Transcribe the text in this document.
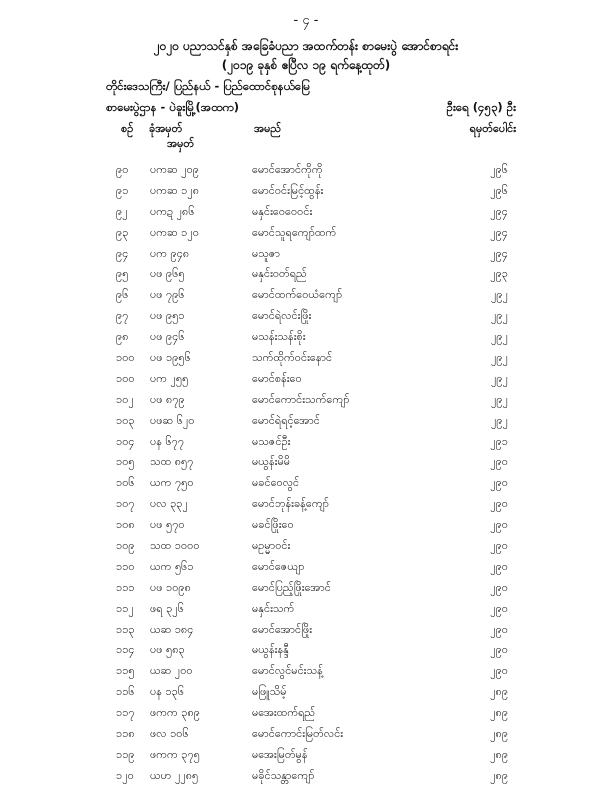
- ၄ -
၂၀၂၀ ပညာသင်နှစ် အခြေခံပညာ အထက်တန်း စာမေးပွဲ အောင်စာရင်း
(၂၀၁၉ ခုနှစ် ဧပြီလ ၁၉ ရက်နေ့ထုတ်)
တိုင်းဒေသကြီး/ ပြည်နယ် - ပြည်ထောင်စုနယ်မြေ
စာမေးပွဲဌာန - ပဲခူးမြို့(အထက)	ဦးရေ (၄၅၃) ဦး
စဉ် ခုံအမှတ်
အမှတ်
အမည်	ရမှတ်ပေါင်း
၉၀ ပကဆ ၂၀၉	မောင်အောင်ကိုကို	၂၉၆
၉၁ ပကဆ ၁၂၈	မောင်ဝင်းမြင့်ထွန်း	၂၉၆
၉၂ ပကဍ ၂၈၆	မနှင်းဝေဝေဝင်း	၂၉၄
၉၃ ပကဆ ၁၂၀	မောင်သူရကျော်ထက်	၂၉၄
၉၄ ပက ၉၄၈	မသူဇာ	၂၉၄
၉၅ ပဖ ၉၆၅	မနှင်းဝတ်ရည်	၂၉၃
၉၆ ပဖ ၇၉၆	မောင်ထက်ဝေယံကျော်	၂၉၂
၉၇ ပဖ ၉၅၁	မောင်ရဲလင်းဖြိုး	၂၉၂
၉၈ ပဖ ၉၄၆	မသန်းသန်းစိုး	၂၉၂
၁၀၀ ပဖ ၁၉၅၆	သက်ထိုက်ဝင်းနောင်	၂၉၂
၁၀၀ ပက ၂၅၅	မောင်စန်းဝေ	၂၉၂
၁၀၂ ပဖ ၈၇၉	မောင်ကောင်းသက်ကျော်	၂၉၂
၁၀၃ ပဖဆ ၆၂၀	မောင်ရဲရင့်အောင်	၂၉၂
၁၀၄ ပန ၆၇၇	မသဇင်ဦး	၂၉၁
၁၀၅ သထ ၈၅၇	မယွန်းမိမိ	၂၉၀
၁၀၆ ယက ၇၅၀	မခင်ဝေလွင်	၂၉၀
၁၀၇ ပလ ၃၃၂	မောင်ဘုန်းခန့်ကျော်	၂၉၀
၁၀၈ ပဖ ၅၇၀	မခင်ဖြိုးဝေ	၂၉၀
၁၀၉ သထ ၁၀၀၀	မဥမ္မာဝင်း	၂၉၀
၁၁၀ ယက ၅၆၁	မောင်ဇေယျာ	၂၉၀
၁၁၁ ပဖ ၁၀၉၈	မောင်ပြည့်ဖြိုးအောင်	၂၉၀
၁၁၂ ဖရ ၃၂၆	မနှင်းသက်	၂၉၀
၁၁၃ ယဆ ၁၈၄	မောင်အောင်ဖြိုး	၂၉၀
၁၁၄ ပဖ ၅၈၃	မယွန်းနန္ဒီ	၂၉၀
၁၁၅ ယဆ ၂၀၀	မောင်လွင်မင်းသန့်	၂၉၀
၁၁၆ ပန ၁၃၆	မဖြူသိမ့်	၂၈၉
၁၁၇ ဖကက ၃၈၉	မအေးထက်ရည်	၂၈၉
၁၁၈ ဖလ ၁၀၆	မောင်ကောင်းမြတ်လင်း	၂၈၉
၁၁၉ ဖကက ၃၇၅	မအေးမြတ်မွန်	၂၈၉
၁၂၀ ယဟ ၂၂၈၅	မခိုင်သန္တာကျော်	၂၈၉
